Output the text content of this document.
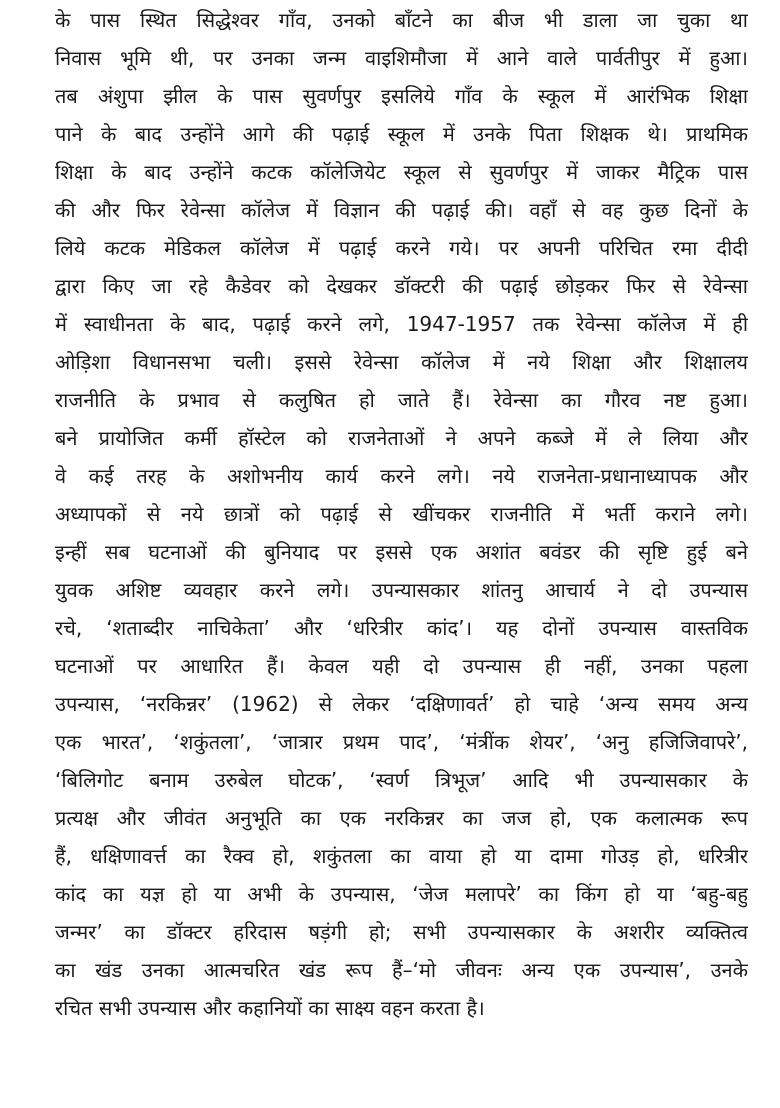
के पास स्थित सिद्धेश्वर गाँव, उनको बाँटने का बीज भी डाला जा चुका था
निवास भूमि थी, पर उनका जन्म वाइशिमौजा में आने वाले पार्वतीपुर में हुआ।
तब अंशुपा झील के पास सुवर्णपुर इसलिये गाँव के स्कूल में आरंभिक शिक्षा
पाने के बाद उन्होंने आगे की पढ़ाई स्कूल में उनके पिता शिक्षक थे। प्राथमिक
शिक्षा के बाद उन्होंने कटक कॉलेजियेट स्कूल से सुवर्णपुर में जाकर मैट्रिक पास
की और फिर रेवेन्सा कॉलेज में विज्ञान की पढ़ाई की। वहाँ से वह कुछ दिनों के
लिये कटक मेडिकल कॉलेज में पढ़ाई करने गये। पर अपनी परिचित रमा दीदी
द्वारा किए जा रहे कैडेवर को देखकर डॉक्टरी की पढ़ाई छोड़कर फिर से रेवेन्सा
में स्वाधीनता के बाद, पढ़ाई करने लगे, 1947-1957 तक रेवेन्सा कॉलेज में ही
ओड़िशा विधानसभा चली। इससे रेवेन्सा कॉलेज में नये शिक्षा और शिक्षालय
राजनीति के प्रभाव से कलुषित हो जाते हैं। रेवेन्सा का गौरव नष्ट हुआ।
बने प्रायोजित कर्मी हॉस्टेल को राजनेताओं ने अपने कब्जे में ले लिया और
वे कई तरह के अशोभनीय कार्य करने लगे। नये राजनेता-प्रधानाध्यापक और
अध्यापकों से नये छात्रों को पढ़ाई से खींचकर राजनीति में भर्ती कराने लगे।
इन्हीं सब घटनाओं की बुनियाद पर इससे एक अशांत बवंडर की सृष्टि हुई बने
युवक अशिष्ट व्यवहार करने लगे। उपन्यासकार शांतनु आचार्य ने दो उपन्यास
रचे, ‘शताब्दीर नाचिकेता’ और ‘धरित्रीर कांद’। यह दोनों उपन्यास वास्तविक
घटनाओं पर आधारित हैं। केवल यही दो उपन्यास ही नहीं, उनका पहला
उपन्यास, ‘नरकिन्नर’ (1962) से लेकर ‘दक्षिणावर्त’ हो चाहे ‘अन्य समय अन्य
एक भारत’, ‘शकुंतला’, ‘जात्रार प्रथम पाद’, ‘मंत्रींक शेयर’, ‘अनु हजिजिवापरे’,
‘बिलिगोट बनाम उरुबेल घोटक’, ‘स्वर्ण त्रिभूज’ आदि भी उपन्यासकार के
प्रत्यक्ष और जीवंत अनुभूति का एक नरकिन्नर का जज हो, एक कलात्मक रूप
हैं, धक्षिणावर्त्त का रैक्व हो, शकुंतला का वाया हो या दामा गोउड़ हो, धरित्रीर
कांद का यज्ञ हो या अभी के उपन्यास, ‘जेज मलापरे’ का किंग हो या ‘बहु-बहु
जन्मर’ का डॉक्टर हरिदास षड़ंगी हो; सभी उपन्यासकार के अशरीर व्यक्तित्व
का खंड उनका आत्मचरित खंड रूप हैं–‘मो जीवनः अन्य एक उपन्यास’, उनके
रचित सभी उपन्यास और कहानियों का साक्ष्य वहन करता है।
